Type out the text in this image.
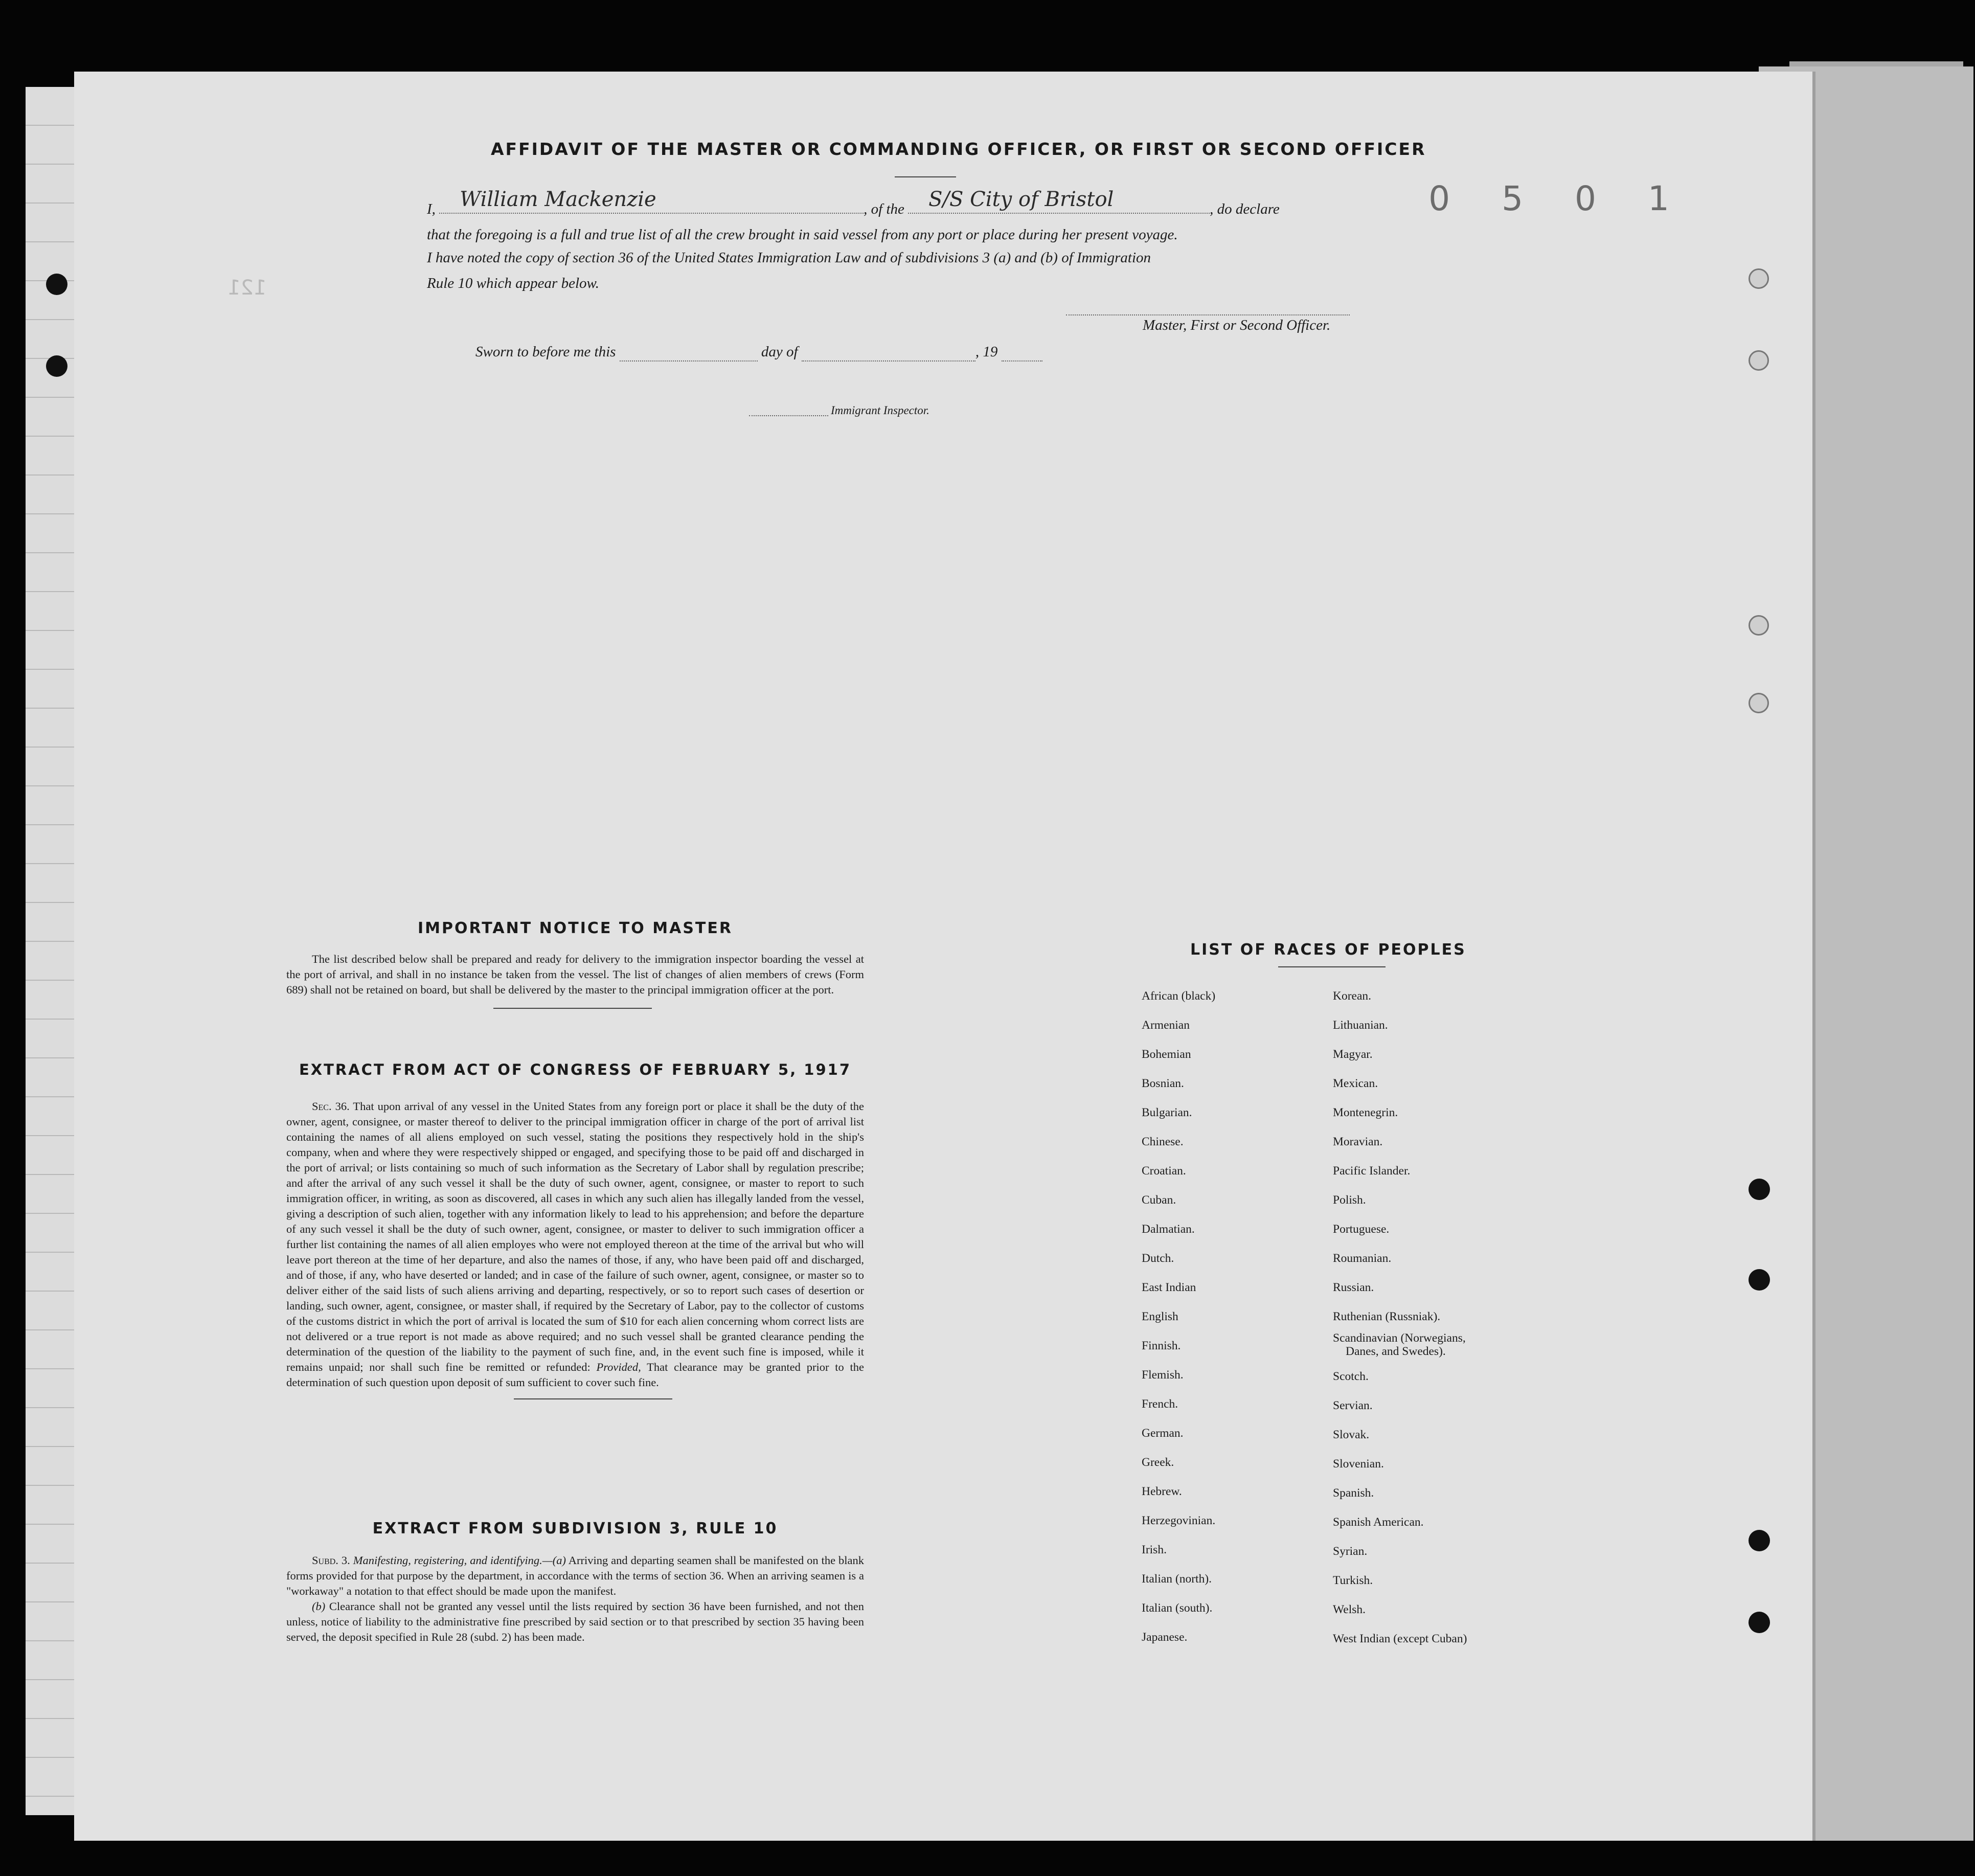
0 5 0 1
121
AFFIDAVIT OF THE MASTER OR COMMANDING OFFICER, OR FIRST OR SECOND OFFICER
I, William Mackenzie	, of the S/S City of Bristol	, do declare
that the foregoing is a full and true list of all the crew brought in said vessel from any port or place during her present voyage.
I have noted the copy of section 36 of the United States Immigration Law and of subdivisions 3 (a) and (b) of Immigration
Rule 10 which appear below.
Master, First or Second Officer.
Sworn to before me this	day of	, 19
Immigrant Inspector.
IMPORTANT NOTICE TO MASTER
The list described below shall be prepared and ready for delivery to the immigration inspector boarding the vessel at the port of arrival, and shall in no instance be taken from the vessel. The list of changes of alien members of crews (Form 689) shall not be retained on board, but shall be delivered by the master to the principal immigration officer at the port.
EXTRACT FROM ACT OF CONGRESS OF FEBRUARY 5, 1917
Sec. 36. That upon arrival of any vessel in the United States from any foreign port or place it shall be the duty of the owner, agent, consignee, or master thereof to deliver to the principal immigration officer in charge of the port of arrival list containing the names of all aliens employed on such vessel, stating the positions they respectively hold in the ship's company, when and where they were respectively shipped or engaged, and specifying those to be paid off and discharged in the port of arrival; or lists containing so much of such information as the Secretary of Labor shall by regulation prescribe; and after the arrival of any such vessel it shall be the duty of such owner, agent, consignee, or master to report to such immigration officer, in writing, as soon as discovered, all cases in which any such alien has illegally landed from the vessel, giving a description of such alien, together with any information likely to lead to his apprehension; and before the departure of any such vessel it shall be the duty of such owner, agent, consignee, or master to deliver to such immigration officer a further list containing the names of all alien employes who were not employed thereon at the time of the arrival but who will leave port thereon at the time of her departure, and also the names of those, if any, who have been paid off and discharged, and of those, if any, who have deserted or landed; and in case of the failure of such owner, agent, consignee, or master so to deliver either of the said lists of such aliens arriving and departing, respectively, or so to report such cases of desertion or landing, such owner, agent, consignee, or master shall, if required by the Secretary of Labor, pay to the collector of customs of the customs district in which the port of arrival is located the sum of $10 for each alien concerning whom correct lists are not delivered or a true report is not made as above required; and no such vessel shall be granted clearance pending the determination of the question of the liability to the payment of such fine, and, in the event such fine is imposed, while it remains unpaid; nor shall such fine be remitted or refunded: Provided, That clearance may be granted prior to the determination of such question upon deposit of sum sufficient to cover such fine.
EXTRACT FROM SUBDIVISION 3, RULE 10
Subd. 3. Manifesting, registering, and identifying.—(a) Arriving and departing seamen shall be manifested on the blank forms provided for that purpose by the department, in accordance with the terms of section 36. When an arriving seamen is a "workaway" a notation to that effect should be made upon the manifest.
(b) Clearance shall not be granted any vessel until the lists required by section 36 have been furnished, and not then unless, notice of liability to the administrative fine prescribed by said section or to that prescribed by section 35 having been served, the deposit specified in Rule 28 (subd. 2) has been made.
LIST OF RACES OF PEOPLES
African (black)
Armenian
Bohemian
Bosnian.
Bulgarian.
Chinese.
Croatian.
Cuban.
Dalmatian.
Dutch.
East Indian
English
Finnish.
Flemish.
French.
German.
Greek.
Hebrew.
Herzegovinian.
Irish.
Italian (north).
Italian (south).
Japanese.
Korean.
Lithuanian.
Magyar.
Mexican.
Montenegrin.
Moravian.
Pacific Islander.
Polish.
Portuguese.
Roumanian.
Russian.
Ruthenian (Russniak).
Scandinavian (Norwegians,
Danes, and Swedes).
Scotch.
Servian.
Slovak.
Slovenian.
Spanish.
Spanish American.
Syrian.
Turkish.
Welsh.
West Indian (except Cuban)
